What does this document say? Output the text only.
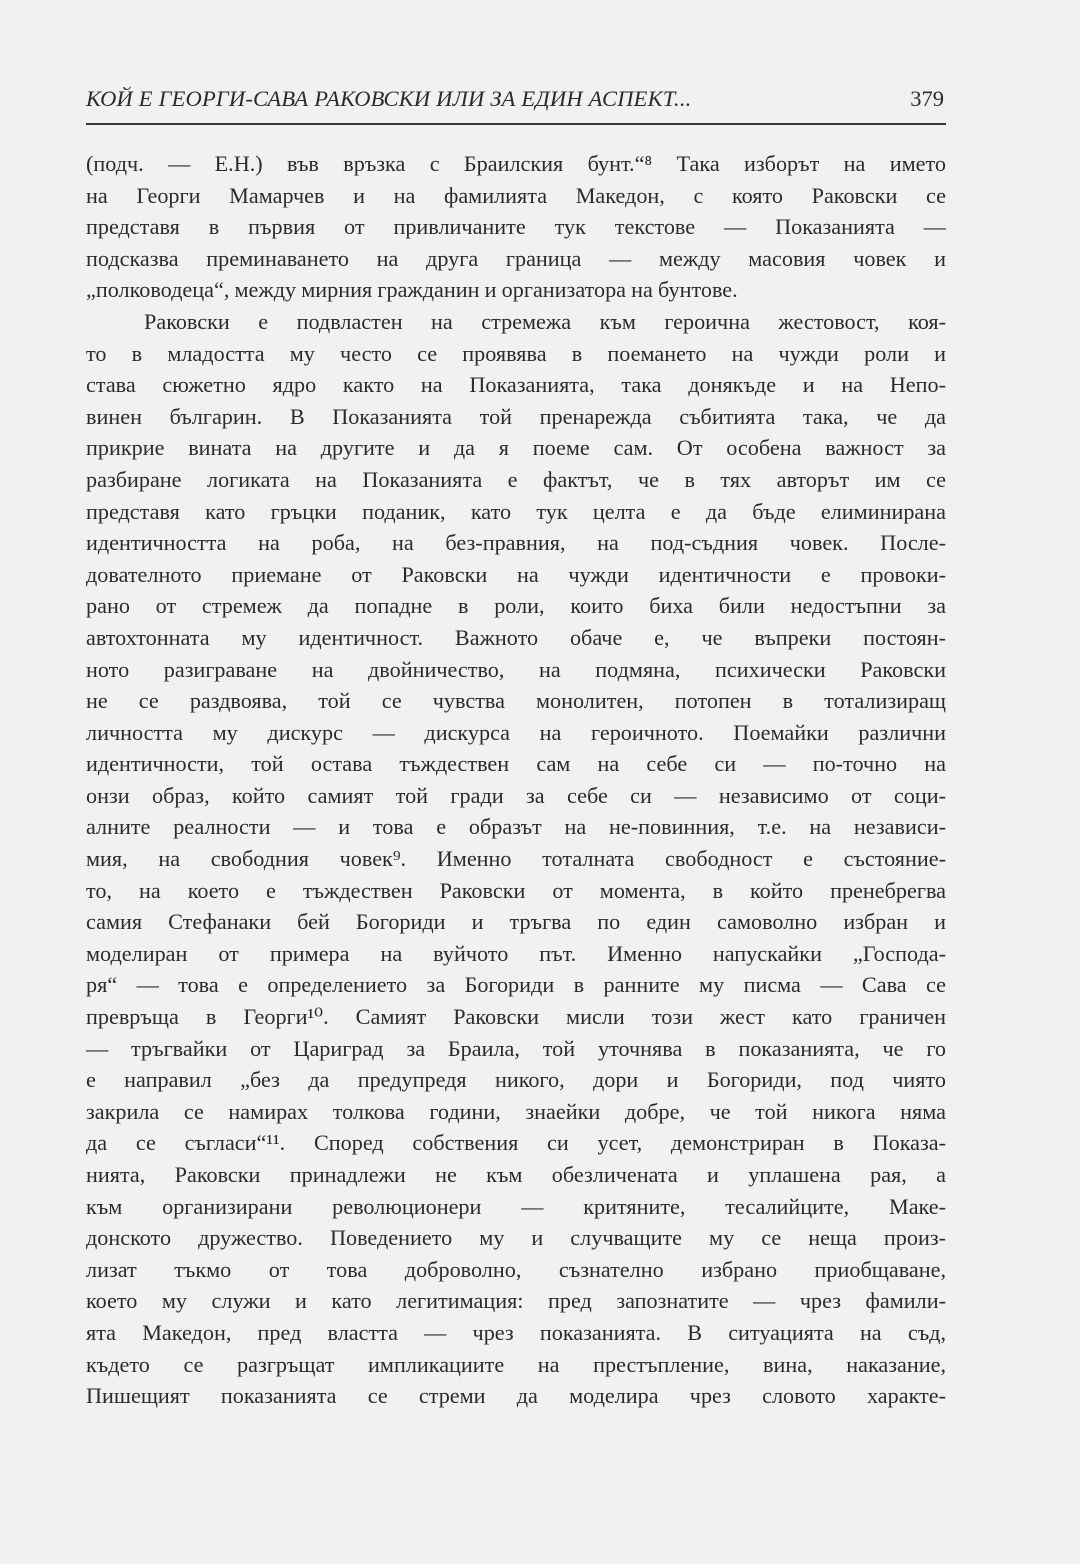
КОЙ Е ГЕОРГИ-САВА РАКОВСКИ ИЛИ ЗА ЕДИН АСПЕКТ...	379
(подч. — Е.Н.) във връзка с Браилския бунт.“⁸ Така изборът на името
на Георги Мамарчев и на фамилията Македон, с която Раковски се
представя в първия от привличаните тук текстове — Показанията —
подсказва преминаването на друга граница — между масовия човек и
„полководеца“, между мирния гражданин и организатора на бунтове.
Раковски е подвластен на стремежа към героична жестовост, коя-
то в младостта му често се проявява в поемането на чужди роли и
става сюжетно ядро както на Показанията, така донякъде и на Непо-
винен българин. В Показанията той пренарежда събитията така, че да
прикрие вината на другите и да я поеме сам. От особена важност за
разбиране логиката на Показанията е фактът, че в тях авторът им се
представя като гръцки поданик, като тук целта е да бъде елиминирана
идентичността на роба, на без-правния, на под-съдния човек. После-
дователното приемане от Раковски на чужди идентичности е провоки-
рано от стремеж да попадне в роли, които биха били недостъпни за
автохтонната му идентичност. Важното обаче е, че въпреки постоян-
ното разиграване на двойничество, на подмяна, психически Раковски
не се раздвоява, той се чувства монолитен, потопен в тотализиращ
личността му дискурс — дискурса на героичното. Поемайки различни
идентичности, той остава тъждествен сам на себе си — по-точно на
онзи образ, който самият той гради за себе си — независимо от соци-
алните реалности — и това е образът на не-повинния, т.е. на независи-
мия, на свободния човек⁹. Именно тоталната свободност е състояние-
то, на което е тъждествен Раковски от момента, в който пренебрегва
самия Стефанаки бей Богориди и тръгва по един самоволно избран и
моделиран от примера на вуйчото път. Именно напускайки „Господа-
ря“ — това е определението за Богориди в ранните му писма — Сава се
превръща в Георги¹⁰. Самият Раковски мисли този жест като граничен
— тръгвайки от Цариград за Браила, той уточнява в показанията, че го
е направил „без да предупредя никого, дори и Богориди, под чиято
закрила се намирах толкова години, знаейки добре, че той никога няма
да се съгласи“¹¹. Според собствения си усет, демонстриран в Показа-
нията, Раковски принадлежи не към обезличената и уплашена рая, а
към организирани революционери — критяните, тесалийците, Маке-
донското дружество. Поведението му и случващите му се неща произ-
лизат тъкмо от това доброволно, съзнателно избрано приобщаване,
което му служи и като легитимация: пред запознатите — чрез фамили-
ята Македон, пред властта — чрез показанията. В ситуацията на съд,
където се разгръщат импликациите на престъпление, вина, наказание,
Пишещият показанията се стреми да моделира чрез словото характе-
